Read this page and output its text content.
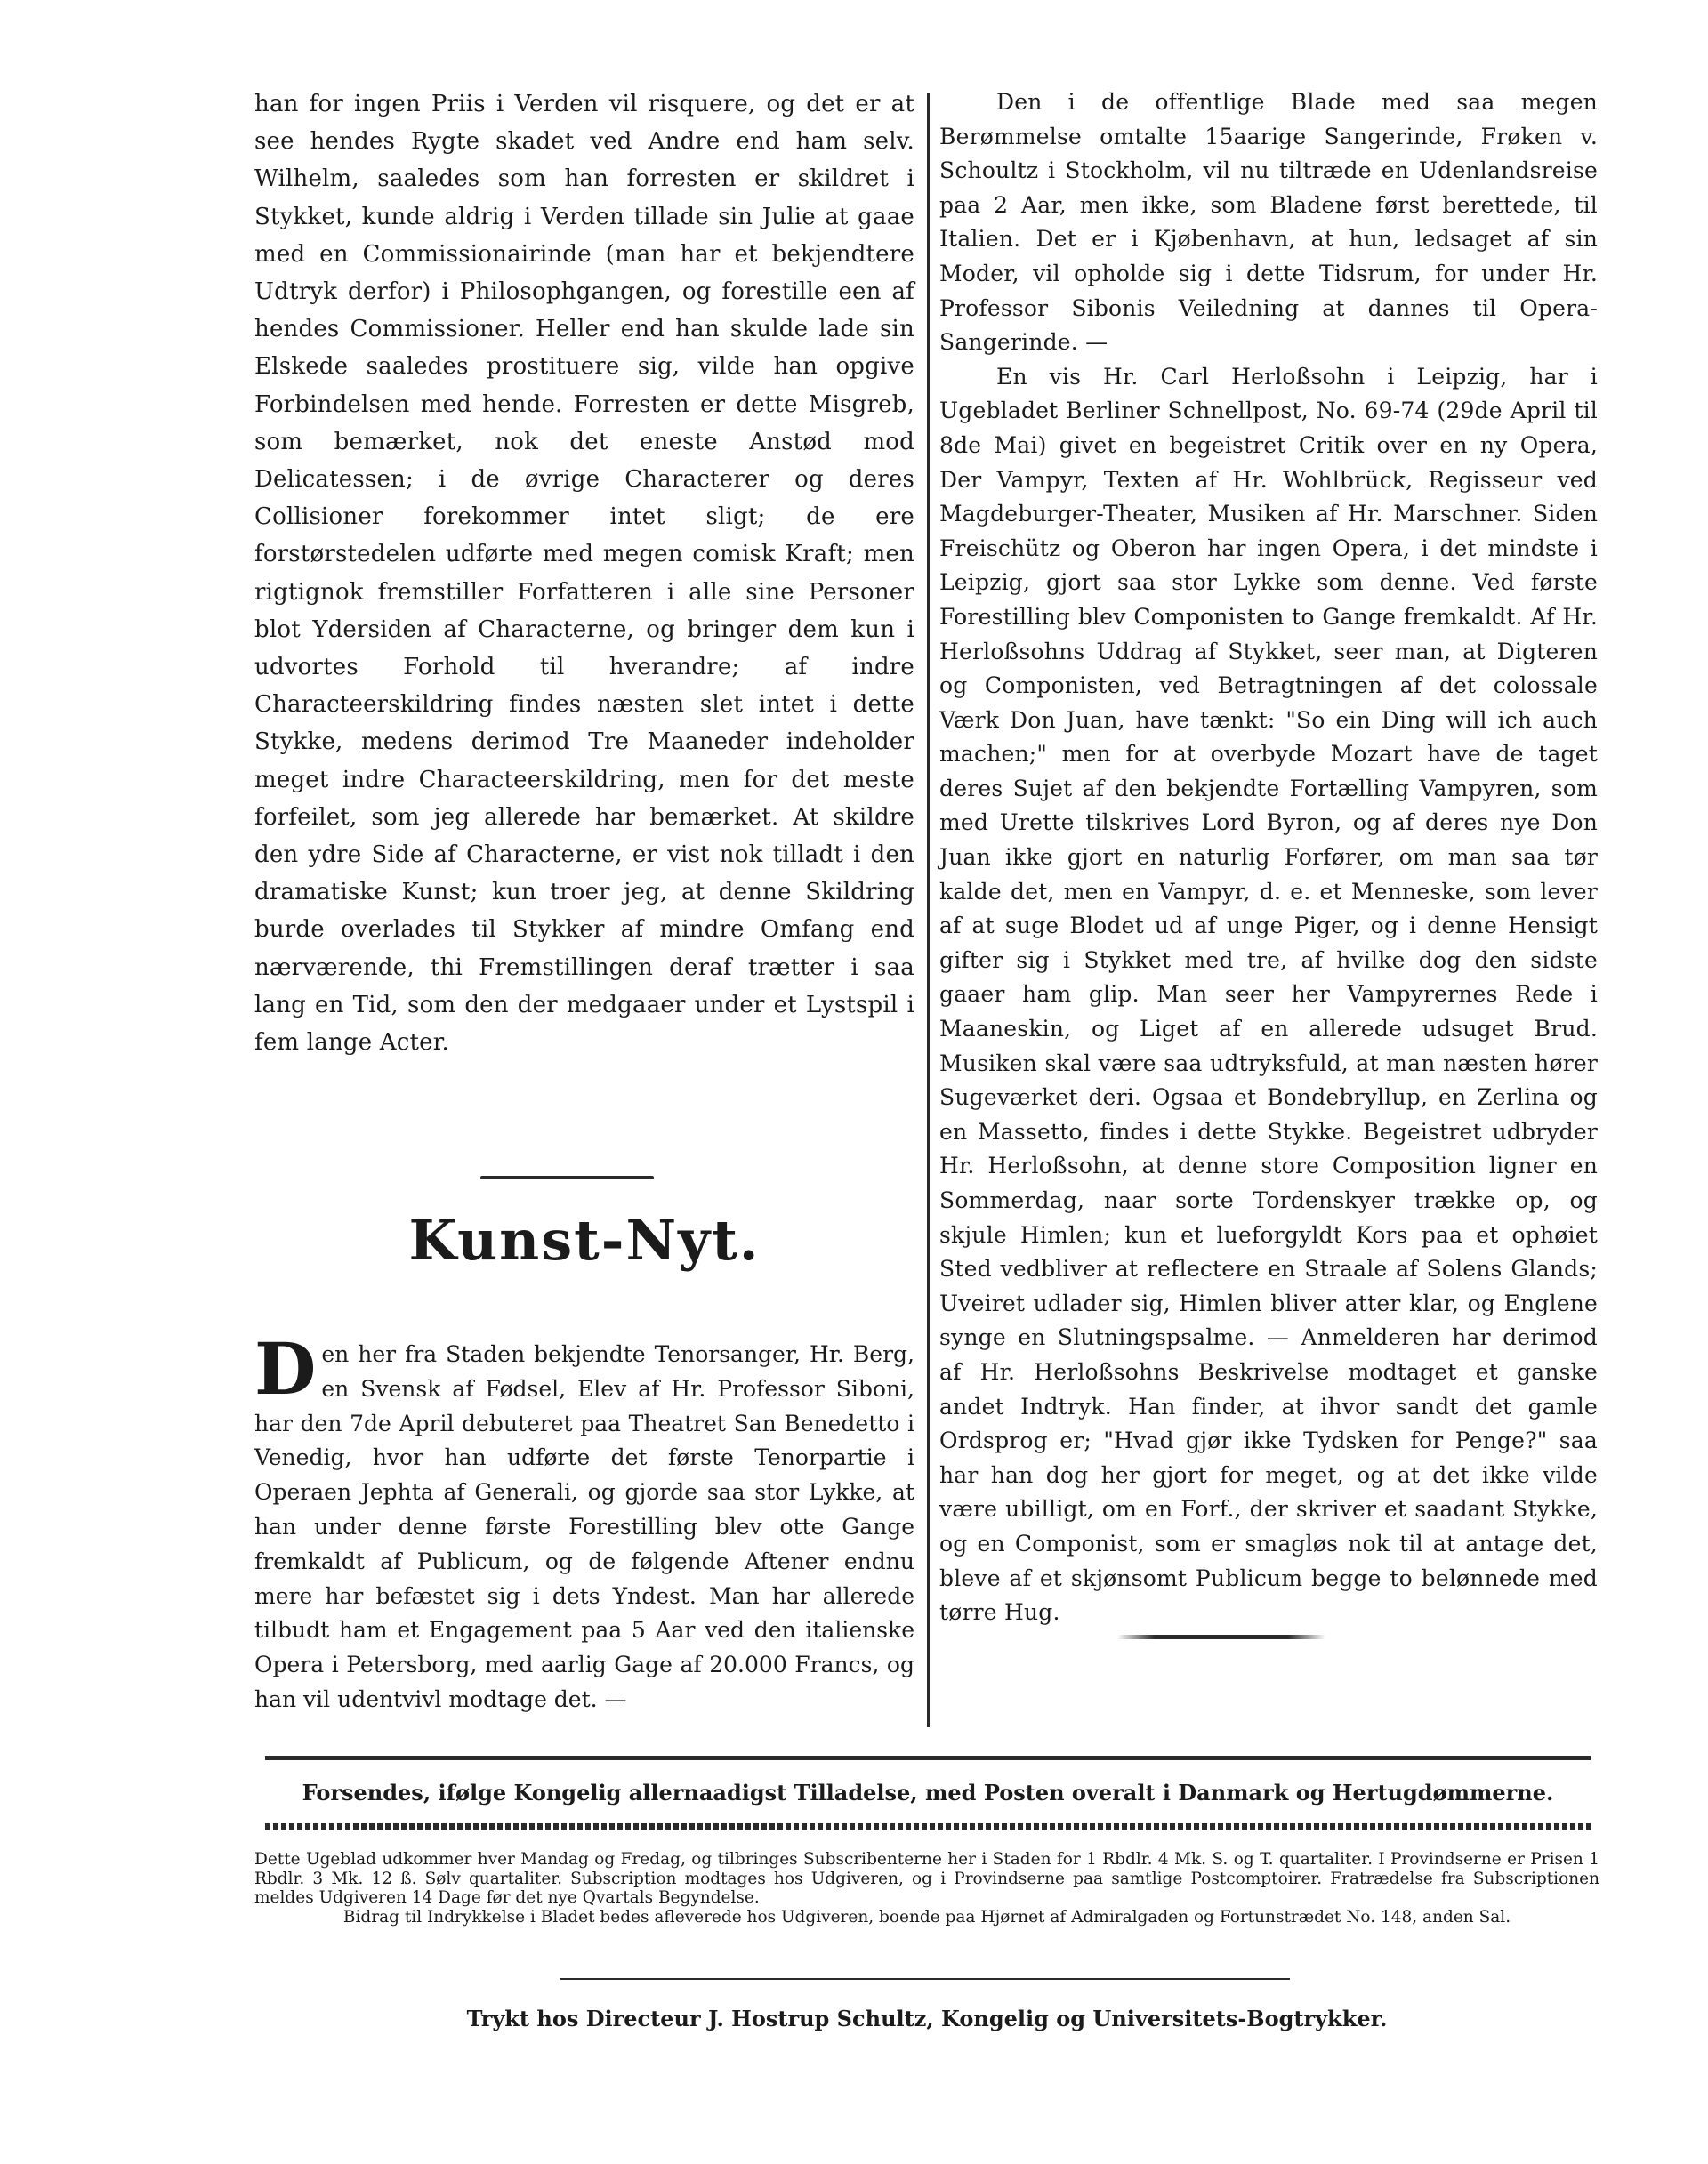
han for ingen Priis i Verden vil risquere, og det er at see hendes Rygte skadet ved Andre end ham selv. Wilhelm, saaledes som han forresten er skildret i Stykket, kunde aldrig i Verden tillade sin Julie at gaae med en Commissionairinde (man har et bekjendtere Udtryk derfor) i Philosophgangen, og forestille een af hendes Commissioner. Heller end han skulde lade sin Elskede saaledes prostituere sig, vilde han opgive Forbindelsen med hende. Forresten er dette Misgreb, som bemærket, nok det eneste Anstød mod Delicatessen; i de øvrige Characterer og deres Collisioner forekommer intet sligt; de ere forstørstedelen udførte med megen comisk Kraft; men rigtignok fremstiller Forfatteren i alle sine Personer blot Ydersiden af Characterne, og bringer dem kun i udvortes Forhold til hverandre; af indre Characteerskildring findes næsten slet intet i dette Stykke, medens derimod Tre Maaneder indeholder meget indre Characteerskildring, men for det meste forfeilet, som jeg allerede har bemærket. At skildre den ydre Side af Characterne, er vist nok tilladt i den dramatiske Kunst; kun troer jeg, at denne Skildring burde overlades til Stykker af mindre Omfang end nærværende, thi Fremstillingen deraf trætter i saa lang en Tid, som den der medgaaer under et Lystspil i fem lange Acter.

Kunst-Nyt.

Den her fra Staden bekjendte Tenorsanger, Hr. Berg, en Svensk af Fødsel, Elev af Hr. Professor Siboni, har den 7de April debuteret paa Theatret San Benedetto i Venedig, hvor han udførte det første Tenorpartie i Operaen Jephta af Generali, og gjorde saa stor Lykke, at han under denne første Forestilling blev otte Gange fremkaldt af Publicum, og de følgende Aftener endnu mere har befæstet sig i dets Yndest. Man har allerede tilbudt ham et Engagement paa 5 Aar ved den italienske Opera i Petersborg, med aarlig Gage af 20.000 Francs, og han vil udentvivl modtage det. —

Den i de offentlige Blade med saa megen Berømmelse omtalte 15aarige Sangerinde, Frøken v. Schoultz i Stockholm, vil nu tiltræde en Udenlandsreise paa 2 Aar, men ikke, som Bladene først berettede, til Italien. Det er i Kjøbenhavn, at hun, ledsaget af sin Moder, vil opholde sig i dette Tidsrum, for under Hr. Professor Sibonis Veiledning at dannes til Opera-Sangerinde. —

En vis Hr. Carl Herloßsohn i Leipzig, har i Ugebladet Berliner Schnellpost, No. 69-74 (29de April til 8de Mai) givet en begeistret Critik over en ny Opera, Der Vampyr, Texten af Hr. Wohlbrück, Regisseur ved Magdeburger-Theater, Musiken af Hr. Marschner. Siden Freischütz og Oberon har ingen Opera, i det mindste i Leipzig, gjort saa stor Lykke som denne. Ved første Forestilling blev Componisten to Gange fremkaldt. Af Hr. Herloßsohns Uddrag af Stykket, seer man, at Digteren og Componisten, ved Betragtningen af det colossale Værk Don Juan, have tænkt: "So ein Ding will ich auch machen;" men for at overbyde Mozart have de taget deres Sujet af den bekjendte Fortælling Vampyren, som med Urette tilskrives Lord Byron, og af deres nye Don Juan ikke gjort en naturlig Forfører, om man saa tør kalde det, men en Vampyr, d. e. et Menneske, som lever af at suge Blodet ud af unge Piger, og i denne Hensigt gifter sig i Stykket med tre, af hvilke dog den sidste gaaer ham glip. Man seer her Vampyrernes Rede i Maaneskin, og Liget af en allerede udsuget Brud. Musiken skal være saa udtryksfuld, at man næsten hører Sugeværket deri. Ogsaa et Bondebryllup, en Zerlina og en Massetto, findes i dette Stykke. Begeistret udbryder Hr. Herloßsohn, at denne store Composition ligner en Sommerdag, naar sorte Tordenskyer trække op, og skjule Himlen; kun et lueforgyldt Kors paa et ophøiet Sted vedbliver at reflectere en Straale af Solens Glands; Uveiret udlader sig, Himlen bliver atter klar, og Englene synge en Slutningspsalme. — Anmelderen har derimod af Hr. Herloßsohns Beskrivelse modtaget et ganske andet Indtryk. Han finder, at ihvor sandt det gamle Ordsprog er; "Hvad gjør ikke Tydsken for Penge?" saa har han dog her gjort for meget, og at det ikke vilde være ubilligt, om en Forf., der skriver et saadant Stykke, og en Componist, som er smagløs nok til at antage det, bleve af et skjønsomt Publicum begge to belønnede med tørre Hug.

Forsendes, ifølge Kongelig allernaadigst Tilladelse, med Posten overalt i Danmark og Hertugdømmerne.

Dette Ugeblad udkommer hver Mandag og Fredag, og tilbringes Subscribenterne her i Staden for 1 Rbdlr. 4 Mk. S. og T. quartaliter. I Provindserne er Prisen 1 Rbdlr. 3 Mk. 12 ß. Sølv quartaliter. Subscription modtages hos Udgiveren, og i Provindserne paa samtlige Postcomptoirer. Fratrædelse fra Subscriptionen meldes Udgiveren 14 Dage før det nye Qvartals Begyndelse.

Bidrag til Indrykkelse i Bladet bedes afleverede hos Udgiveren, boende paa Hjørnet af Admiralgaden og Fortunstrædet No. 148, anden Sal.

Trykt hos Directeur J. Hostrup Schultz, Kongelig og Universitets-Bogtrykker.
